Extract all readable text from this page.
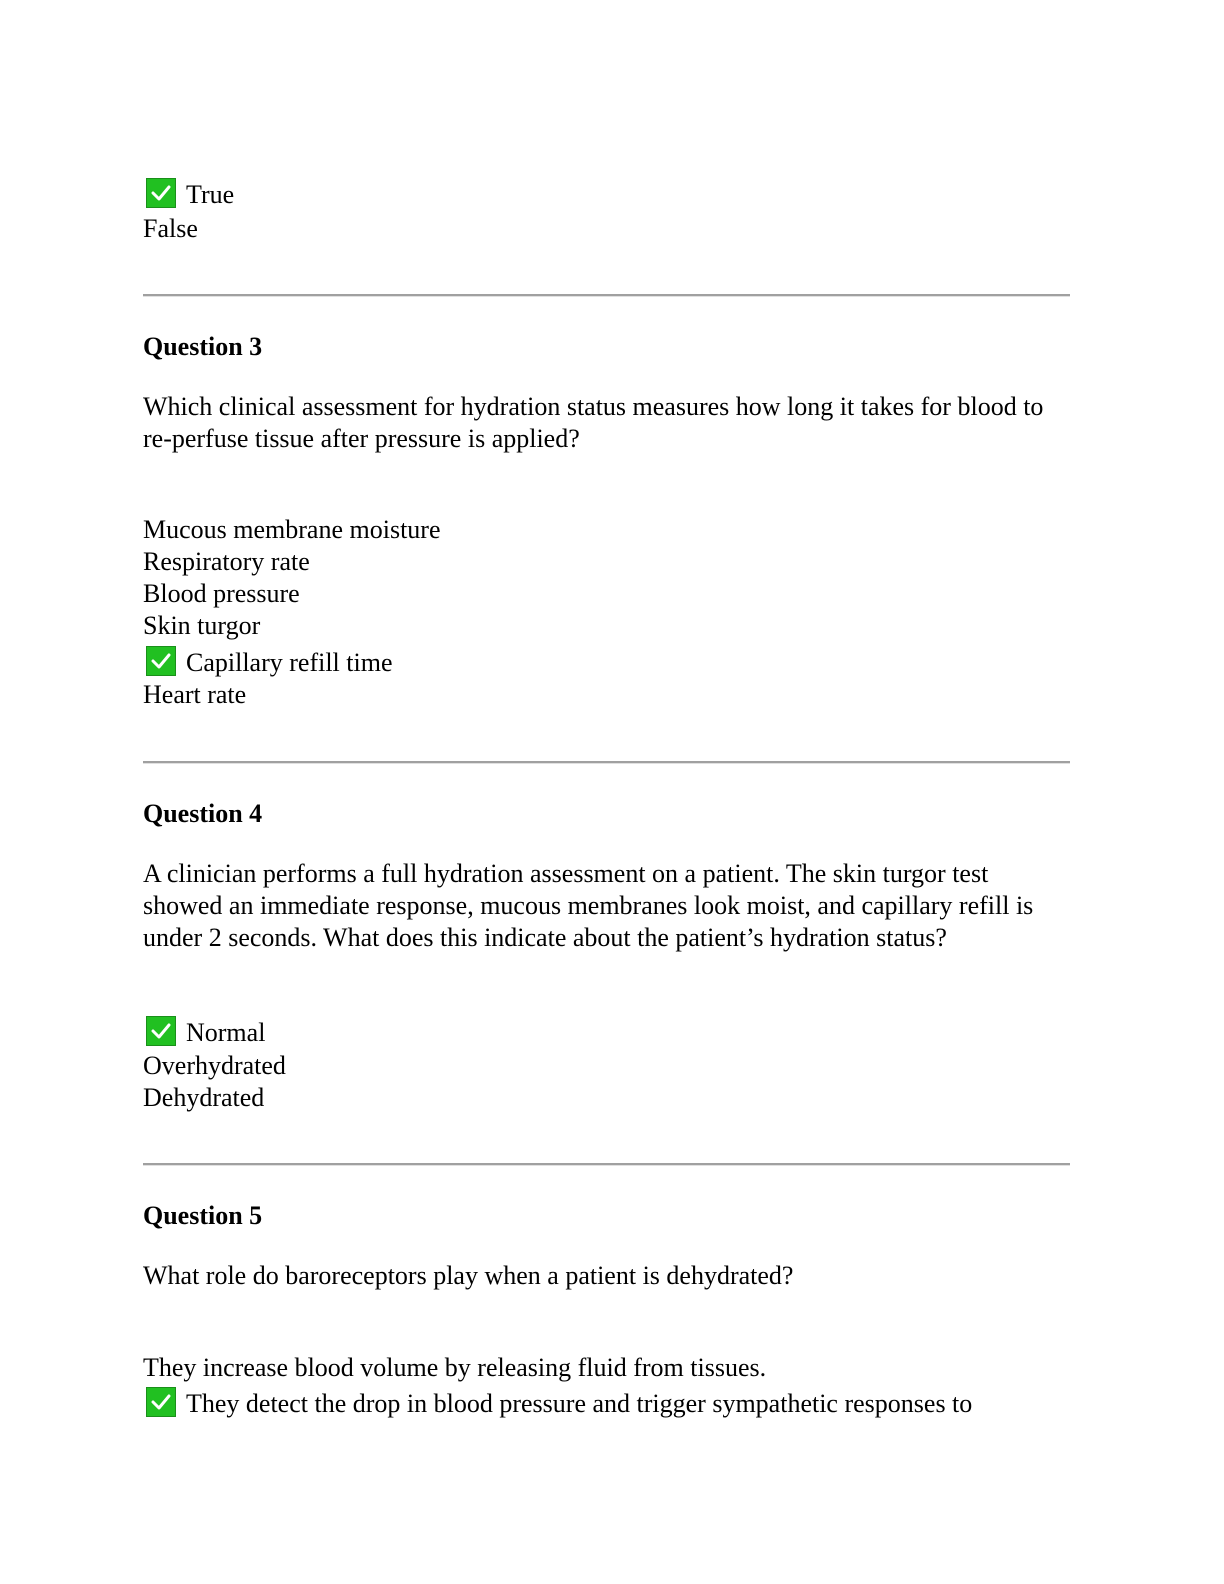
True
False
Question 3
Which clinical assessment for hydration status measures how long it takes for blood to re-perfuse tissue after pressure is applied?
Mucous membrane moisture
Respiratory rate
Blood pressure
Skin turgor
Capillary refill time
Heart rate
Question 4
A clinician performs a full hydration assessment on a patient. The skin turgor test showed an immediate response, mucous membranes look moist, and capillary refill is under 2 seconds. What does this indicate about the patient’s hydration status?
Normal
Overhydrated
Dehydrated
Question 5
What role do baroreceptors play when a patient is dehydrated?
They increase blood volume by releasing fluid from tissues.
They detect the drop in blood pressure and trigger sympathetic responses to
